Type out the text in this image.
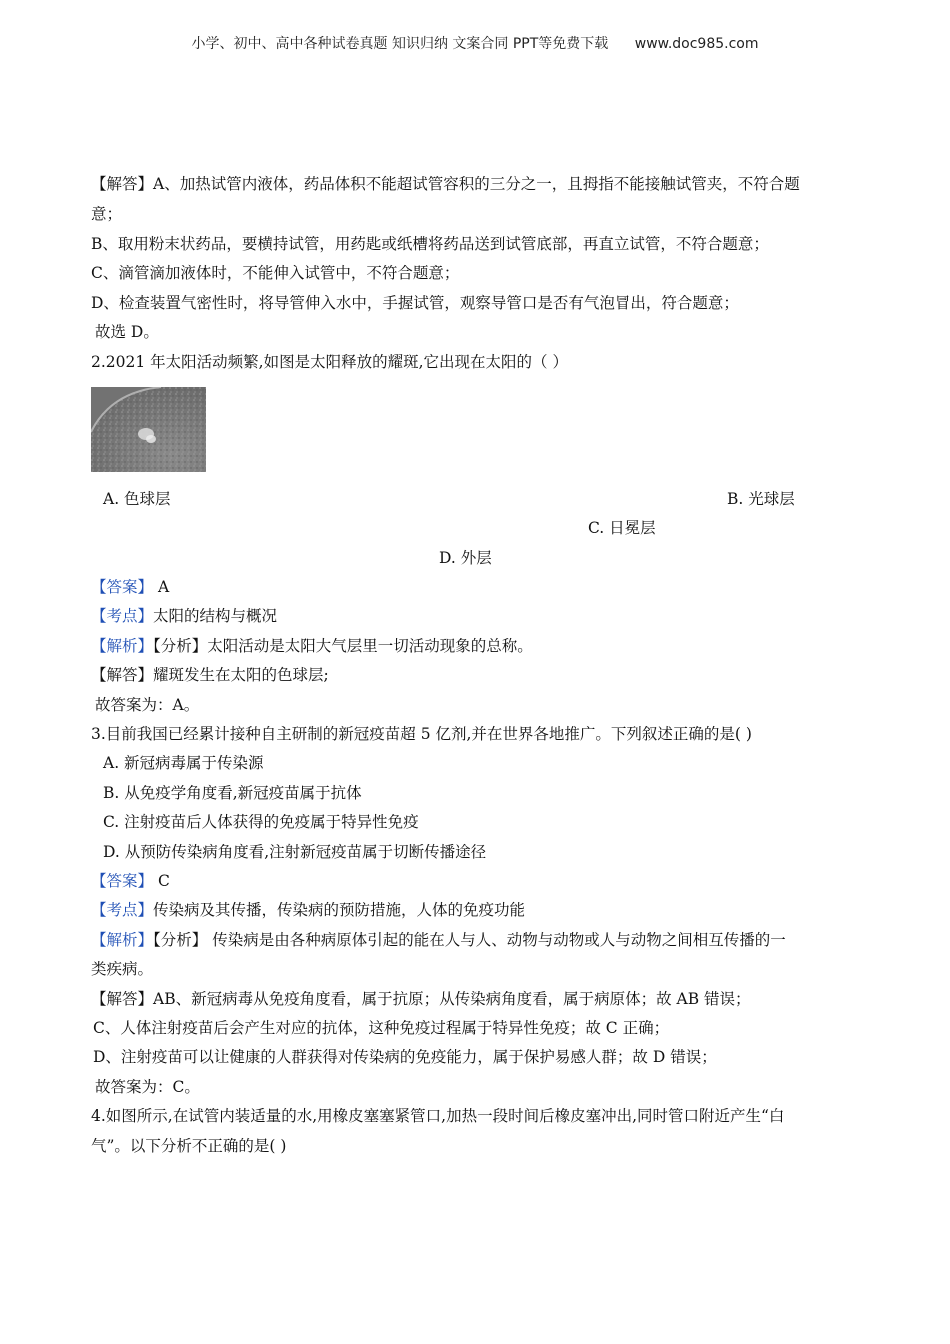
小学、初中、高中各种试卷真题 知识归纳 文案合同 PPT等免费下载 www.doc985.com
【解答】A、加热试管内液体，药品体积不能超试管容积的三分之一，且拇指不能接触试管夹，不符合题
意；
B、取用粉末状药品，要横持试管，用药匙或纸槽将药品送到试管底部，再直立试管，不符合题意；
C、滴管滴加液体时，不能伸入试管中，不符合题意；
D、检查装置气密性时，将导管伸入水中，手握试管，观察导管口是否有气泡冒出，符合题意；
故选 D。
2.2021 年太阳活动频繁,如图是太阳释放的耀斑,它出现在太阳的（ ）
A. 色球层	B. 光球层
C. 日冕层
D. 外层
【答案】 A
【考点】太阳的结构与概况
【解析】【分析】太阳活动是太阳大气层里一切活动现象的总称。
【解答】耀斑发生在太阳的色球层;
故答案为：A。
3.目前我国已经累计接种自主研制的新冠疫苗超 5 亿剂,并在世界各地推广。下列叙述正确的是( )
A. 新冠病毒属于传染源
B. 从免疫学角度看,新冠疫苗属于抗体
C. 注射疫苗后人体获得的免疫属于特异性免疫
D. 从预防传染病角度看,注射新冠疫苗属于切断传播途径
【答案】 C
【考点】传染病及其传播，传染病的预防措施，人体的免疫功能
【解析】【分析】 传染病是由各种病原体引起的能在人与人、动物与动物或人与动物之间相互传播的一
类疾病。
【解答】AB、新冠病毒从免疫角度看，属于抗原；从传染病角度看，属于病原体；故 AB 错误；
C、人体注射疫苗后会产生对应的抗体，这种免疫过程属于特异性免疫；故 C 正确；
D、注射疫苗可以让健康的人群获得对传染病的免疫能力，属于保护易感人群；故 D 错误；
故答案为：C。
4.如图所示,在试管内装适量的水,用橡皮塞塞紧管口,加热一段时间后橡皮塞冲出,同时管口附近产生“白
气”。以下分析不正确的是( )
